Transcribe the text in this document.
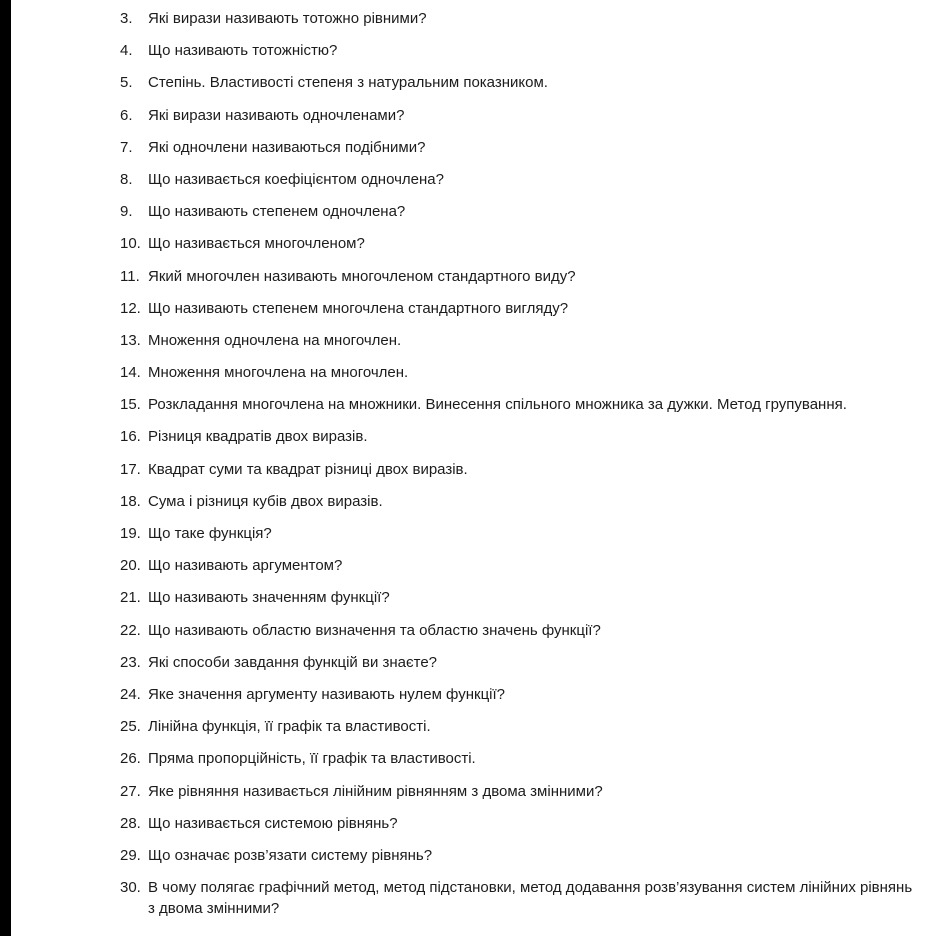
3.	Які вирази називають тотожно рівними?
4.	Що називають тотожністю?
5.	Степінь. Властивості степеня з натуральним показником.
6.	Які вирази називають одночленами?
7.	Які одночлени називаються подібними?
8.	Що називається коефіцієнтом одночлена?
9.	Що називають степенем одночлена?
10. Що називається многочленом?
11. Який многочлен називають многочленом стандартного виду?
12. Що називають степенем многочлена стандартного вигляду?
13. Множення одночлена на многочлен.
14. Множення многочлена на многочлен.
15. Розкладання многочлена на множники. Винесення спільного множника за дужки. Метод групування.
16. Різниця квадратів двох виразів.
17. Квадрат суми та квадрат різниці двох виразів.
18. Сума і різниця кубів двох виразів.
19. Що таке функція?
20. Що називають аргументом?
21. Що називають значенням функції?
22. Що називають областю визначення та областю значень функції?
23. Які способи завдання функцій ви знаєте?
24. Яке значення аргументу називають нулем функції?
25. Лінійна функція, її графік та властивості.
26. Пряма пропорційність, її графік та властивості.
27. Яке рівняння називається лінійним рівнянням з двома змінними?
28. Що називається системою рівнянь?
29. Що означає розв’язати систему рівнянь?
30. В чому полягає графічний метод, метод підстановки, метод додавання розв’язування систем лінійних рівнянь з двома змінними?
